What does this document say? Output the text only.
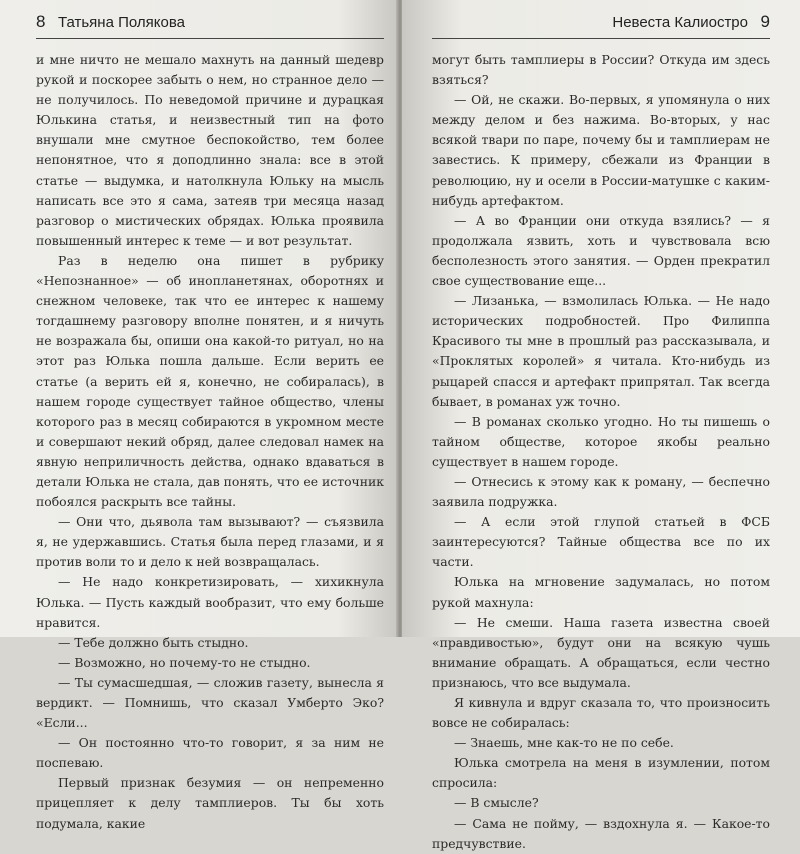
8 Татьяна Полякова

и мне ничто не мешало махнуть на данный шедевр рукой и поскорее забыть о нем, но странное дело — не получилось. По неведомой причине и дурацкая Юлькина статья, и неизвестный тип на фото внушали мне смутное беспокойство, тем более непонятное, что я доподлинно знала: все в этой статье — выдумка, и натолкнула Юльку на мысль написать все это я сама, затеяв три месяца назад разговор о мистических обрядах. Юлька проявила повышенный интерес к теме — и вот результат.

Раз в неделю она пишет в рубрику «Непознанное» — об инопланетянах, оборотнях и снежном человеке, так что ее интерес к нашему тогдашнему разговору вполне понятен, и я ничуть не возражала бы, опиши она какой-то ритуал, но на этот раз Юлька пошла дальше. Если верить ее статье (а верить ей я, конечно, не собиралась), в нашем городе существует тайное общество, члены которого раз в месяц собираются в укромном месте и совершают некий обряд, далее следовал намек на явную неприличность действа, однако вдаваться в детали Юлька не стала, дав понять, что ее источник побоялся раскрыть все тайны.

— Они что, дьявола там вызывают? — съязвила я, не удержавшись. Статья была перед глазами, и я против воли то и дело к ней возвращалась.

— Не надо конкретизировать, — хихикнула Юлька. — Пусть каждый вообразит, что ему больше нравится.

— Тебе должно быть стыдно.

— Возможно, но почему-то не стыдно.

— Ты сумасшедшая, — сложив газету, вынесла я вердикт. — Помнишь, что сказал Умберто Эко? «Если...

— Он постоянно что-то говорит, я за ним не поспеваю.

Первый признак безумия — он непременно прицепляет к делу тамплиеров. Ты бы хоть подумала, какие

Невеста Калиостро 9

могут быть тамплиеры в России? Откуда им здесь взяться?

— Ой, не скажи. Во-первых, я упомянула о них между делом и без нажима. Во-вторых, у нас всякой твари по паре, почему бы и тамплиерам не завестись. К примеру, сбежали из Франции в революцию, ну и осели в России-матушке с каким-нибудь артефактом.

— А во Франции они откуда взялись? — я продолжала язвить, хоть и чувствовала всю бесполезность этого занятия. — Орден прекратил свое существование еще...

— Лизанька, — взмолилась Юлька. — Не надо исторических подробностей. Про Филиппа Красивого ты мне в прошлый раз рассказывала, и «Проклятых королей» я читала. Кто-нибудь из рыцарей спасся и артефакт припрятал. Так всегда бывает, в романах уж точно.

— В романах сколько угодно. Но ты пишешь о тайном обществе, которое якобы реально существует в нашем городе.

— Отнесись к этому как к роману, — беспечно заявила подружка.

— А если этой глупой статьей в ФСБ заинтересуются? Тайные общества все по их части.

Юлька на мгновение задумалась, но потом рукой махнула:

— Не смеши. Наша газета известна своей «правдивостью», будут они на всякую чушь внимание обращать. А обращаться, если честно признаюсь, что все выдумала.

Я кивнула и вдруг сказала то, что произносить вовсе не собиралась:

— Знаешь, мне как-то не по себе.

Юлька смотрела на меня в изумлении, потом спросила:

— В смысле?

— Сама не пойму, — вздохнула я. — Какое-то предчувствие.
